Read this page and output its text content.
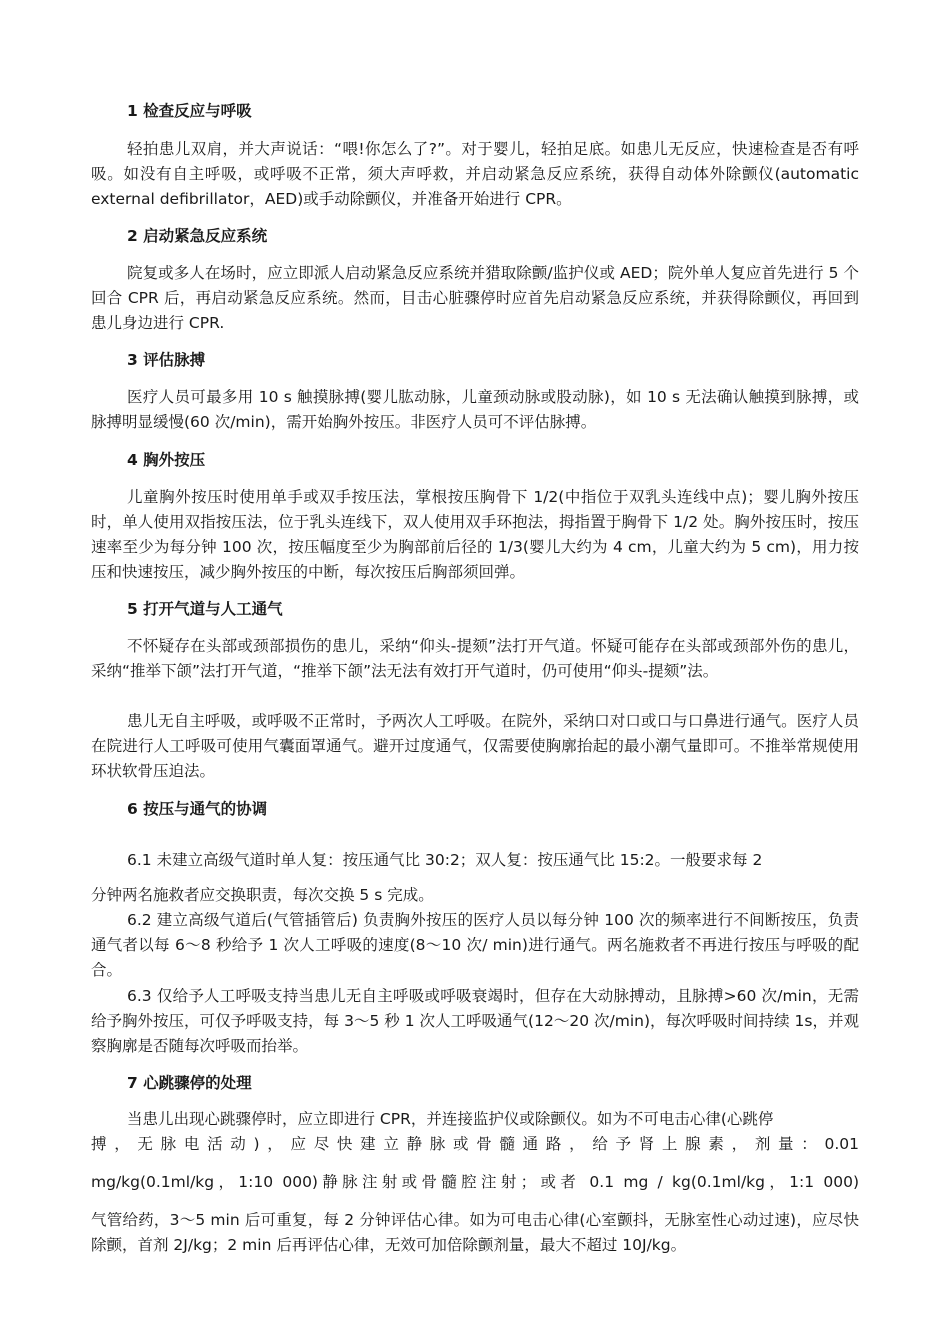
1 检查反应与呼吸

轻拍患儿双肩，并大声说话：“喂!你怎么了?”。对于婴儿，轻拍足底。如患儿无反应，快速检查是否有呼吸。如没有自主呼吸，或呼吸不正常，须大声呼救，并启动紧急反应系统，获得自动体外除颤仪(automatic external defibrillator，AED)或手动除颤仪，并准备开始进行 CPR。

2 启动紧急反应系统

院复或多人在场时，应立即派人启动紧急反应系统并猎取除颤/监护仪或 AED；院外单人复应首先进行 5 个回合 CPR 后，再启动紧急反应系统。然而，目击心脏骤停时应首先启动紧急反应系统，并获得除颤仪，再回到患儿身边进行 CPR.

3 评估脉搏

医疗人员可最多用 10 s 触摸脉搏(婴儿肱动脉，儿童颈动脉或股动脉)，如 10 s 无法确认触摸到脉搏，或脉搏明显缓慢(60 次/min)，需开始胸外按压。非医疗人员可不评估脉搏。

4 胸外按压

儿童胸外按压时使用单手或双手按压法，掌根按压胸骨下 1/2(中指位于双乳头连线中点)；婴儿胸外按压时，单人使用双指按压法，位于乳头连线下，双人使用双手环抱法，拇指置于胸骨下 1/2 处。胸外按压时，按压速率至少为每分钟 100 次，按压幅度至少为胸部前后径的 1/3(婴儿大约为 4 cm，儿童大约为 5 cm)，用力按压和快速按压，减少胸外按压的中断，每次按压后胸部须回弹。

5 打开气道与人工通气

不怀疑存在头部或颈部损伤的患儿，采纳“仰头-提颏”法打开气道。怀疑可能存在头部或颈部外伤的患儿，采纳“推举下颌”法打开气道，“推举下颌”法无法有效打开气道时，仍可使用“仰头-提颏”法。

患儿无自主呼吸，或呼吸不正常时，予两次人工呼吸。在院外，采纳口对口或口与口鼻进行通气。医疗人员在院进行人工呼吸可使用气囊面罩通气。避开过度通气，仅需要使胸廓抬起的最小潮气量即可。不推举常规使用环状软骨压迫法。

6 按压与通气的协调
6.1 未建立高级气道时单人复：按压通气比 30:2；双人复：按压通气比 15:2。一般要求每 2
分钟两名施救者应交换职责，每次交换 5 s 完成。

6.2 建立高级气道后(气管插管后) 负责胸外按压的医疗人员以每分钟 100 次的频率进行不间断按压，负责通气者以每 6～8 秒给予 1 次人工呼吸的速度(8～10 次/ min)进行通气。两名施救者不再进行按压与呼吸的配合。

6.3 仅给予人工呼吸支持当患儿无自主呼吸或呼吸衰竭时，但存在大动脉搏动，且脉搏>60 次/min，无需给予胸外按压，可仅予呼吸支持，每 3～5 秒 1 次人工呼吸通气(12～20 次/min)，每次呼吸时间持续 1s，并观察胸廓是否随每次呼吸而抬举。

7 心跳骤停的处理
当患儿出现心跳骤停时，应立即进行 CPR，并连接监护仪或除颤仪。如为不可电击心律(心跳停
搏，无脉电活动)，应尽快建立静脉或骨髓通路，给予肾上腺素，剂量：0.01
mg/kg(0.1ml/kg，1:10 000)静脉注射或骨髓腔注射；或者 0.1 mg / kg(0.1ml/kg，1:1 000)

气管给药，3～5 min 后可重复，每 2 分钟评估心律。如为可电击心律(心室颤抖，无脉室性心动过速)，应尽快除颤，首剂 2J/kg；2 min 后再评估心律，无效可加倍除颤剂量，最大不超过 10J/kg。
